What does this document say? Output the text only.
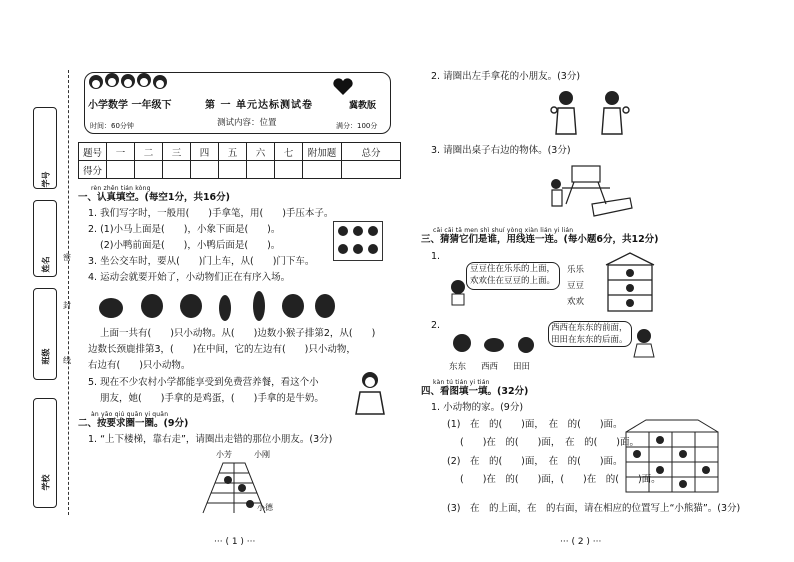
学号
姓名
班级
学校
密
封
线
小学数学 一年级下	第 一 单元达标测试卷	冀教版
时间：60分钟	测试内容：位置	满分：100分
题号	一	二	三	四	五	六	七	附加题	总分
得分									
rèn zhēn tián kòng
一、认真填空。(每空1分，共16分)
1. 我们写字时，一般用(　　)手拿笔，用(　　)手压本子。
2. (1)小马上面是(　　)，小象下面是(　　)。
(2)小鸭前面是(　　)，小鸭后面是(　　)。
3. 坐公交车时，要从(　　)门上车，从(　　)门下车。
4. 运动会就要开始了，小动物们正在有序入场。
上面一共有(　　)只小动物。从(　　)边数小猴子排第2，从(　　)
边数长颈鹿排第3，(　　)在中间，它的左边有(　　)只小动物，
右边有(　　)只小动物。
5. 现在不少农村小学都能享受到免费营养餐，看这个小
朋友，她(　　)手拿的是鸡蛋，(　　)手拿的是牛奶。
àn yāo qiú quān yi quān
二、按要求圈一圈。(9分)
1. “上下楼梯，靠右走”，请圈出走错的那位小朋友。(3分)
小芳	小刚
小德
2. 请圈出左手拿花的小朋友。(3分)
3. 请圈出桌子右边的物体。(3分)
cāi cāi tā men shì shuí yòng xiàn lián yi lián
三、猜猜它们是谁，用线连一连。(每小题6分，共12分)
1.
豆豆住在乐乐的上面，
欢欢住在豆豆的上面。
乐乐
豆豆
欢欢
2.	西西在东东的前面，
田田在东东的后面。
东东 西西 田田
kàn tú tián yi tián
四、看图填一填。(32分)
1. 小动物的家。(9分)
(1)　在　的(　　)面，　在　的(　　)面。
(　　)在　的(　　)面，　在　的(　　)面。
(2)　在　的(　　)面，　在　的(　　)面。
(　　)在　的(　　)面，(　　)在　的(　　)面。
(3)　在　的上面，在　的右面，请在相应的位置写上“小熊猫”。(3分)
··· ( 1 ) ···	··· ( 2 ) ···
